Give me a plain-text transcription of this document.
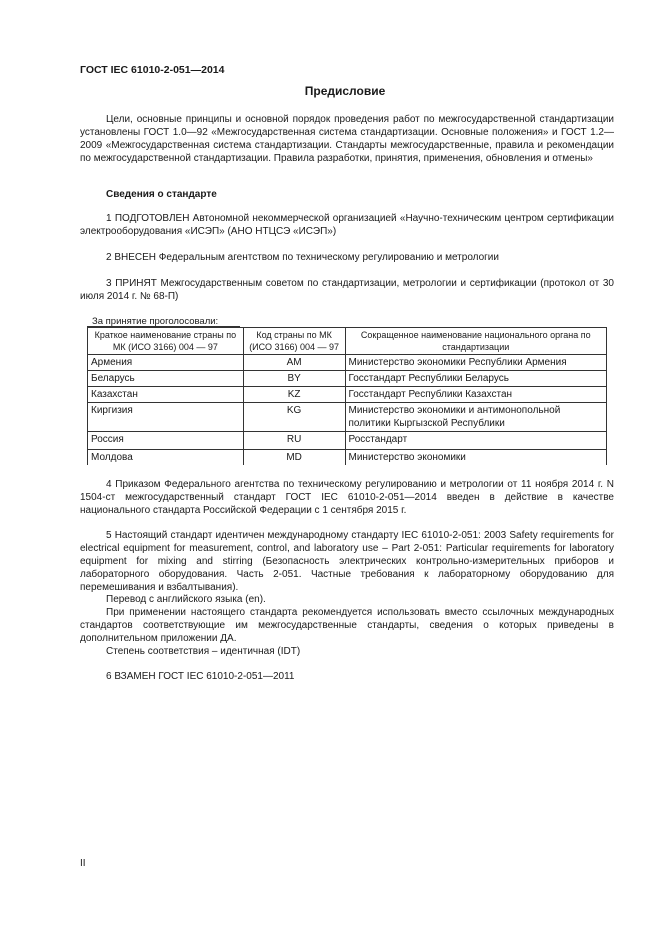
ГОСТ IEC 61010-2-051—2014
Предисловие

Цели, основные принципы и основной порядок проведения работ по межгосударственной стандартизации установлены ГОСТ 1.0—92 «Межгосударственная система стандартизации. Основные положения» и ГОСТ 1.2—2009 «Межгосударственная система стандартизации. Стандарты межгосударственные, правила и рекомендации по межгосударственной стандартизации. Правила разработки, принятия, применения, обновления и отмены»

Сведения о стандарте

1 ПОДГОТОВЛЕН Автономной некоммерческой организацией «Научно-техническим центром сертификации электрооборудования «ИСЭП» (АНО НТЦСЭ «ИСЭП»)

2 ВНЕСЕН Федеральным агентством по техническому регулированию и метрологии

3 ПРИНЯТ Межгосударственным советом по стандартизации, метрологии и сертификации (протокол от 30 июля 2014 г. № 68-П)

За принятие проголосовали:
Краткое наименование страны по МК (ИСО 3166) 004 — 97	Код страны по МК (ИСО 3166) 004 — 97	Сокращенное наименование национального органа по стандартизации
Армения	AM	Министерство экономики Республики Армения
Беларусь	BY	Госстандарт Республики Беларусь
Казахстан	KZ	Госстандарт Республики Казахстан
Киргизия	KG	Министерство экономики и антимонопольной политики Кыргызской Республики
Россия	RU	Росстандарт
Молдова	MD	Министерство экономики

4 Приказом Федерального агентства по техническому регулированию и метрологии от 11 ноября 2014 г. N 1504-ст межгосударственный стандарт ГОСТ IEC 61010-2-051—2014 введен в действие в качестве национального стандарта Российской Федерации с 1 сентября 2015 г.

5 Настоящий стандарт идентичен международному стандарту IEC 61010-2-051: 2003 Safety requirements for electrical equipment for measurement, control, and laboratory use – Part 2-051: Particular requirements for laboratory equipment for mixing and stirring (Безопасность электрических контрольно-измерительных приборов и лабораторного оборудования. Часть 2-051. Частные требования к лабораторному оборудованию для перемешивания и взбалтывания).

Перевод с английского языка (en).

При применении настоящего стандарта рекомендуется использовать вместо ссылочных международных стандартов соответствующие им межгосударственные стандарты, сведения о которых приведены в дополнительном приложении ДА.

Степень соответствия – идентичная (IDT)

6 ВЗАМЕН ГОСТ IEC 61010-2-051—2011

II
